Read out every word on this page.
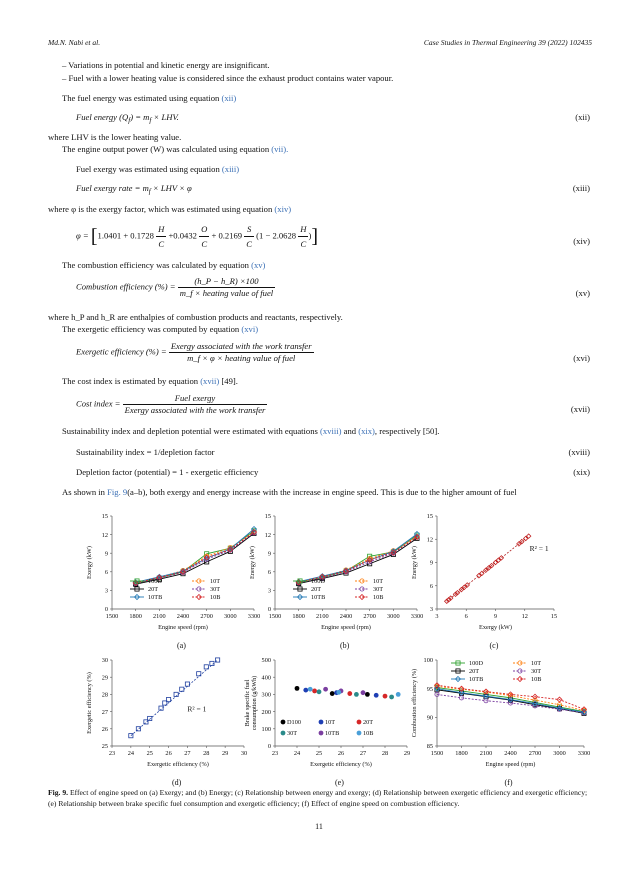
Md.N. Nabi et al.	Case Studies in Thermal Engineering 39 (2022) 102435
– Variations in potential and kinetic energy are insignificant.
– Fuel with a lower heating value is considered since the exhaust product contains water vapour.
The fuel energy was estimated using equation (xii)
Fuel energy $(Q_f) = m_f$ × LHV.	(xii)
where LHV is the lower heating value.
The engine output power (W) was calculated using equation (vii).
Fuel exergy was estimated using equation (xiii)
Fuel exergy rate = $m_f$ × LHV × φ	(xiii)
where φ is the exergy factor, which was estimated using equation (xiv)
$\varphi = [1.0401 + 0.1728 \frac{H}{C} +0.0432 \frac{O}{C} + 0.2169 \frac{S}{C} (1 - 2.0628 \frac{H}{C}$ )]	(xiv)
The combustion efficiency was calculated by equation (xv)
Combustion efficiency (%) = $\frac{(h\_P - h\_R) \times 100}{\text{m\_f × heating value of fuel}}$	(xv)
where h_P and h_R are enthalpies of combustion products and reactants, respectively.
The exergetic efficiency was computed by equation (xvi)
Exergetic efficiency (%) = $\frac{\text{Exergy associated with the work transfer}}{\text{m\_f × φ × heating value of fuel}}$	(xvi)
The cost index is estimated by equation (xvii) [49].
Cost index = $\frac{\text{Fuel exergy}}{\text{Exergy associated with the work transfer}}$	(xvii)
Sustainability index and depletion potential were estimated with equations (xviii) and (xix), respectively [50].
Sustainability index = 1/depletion factor	(xviii)
Depletion factor (potential) = 1 - exergetic efficiency	(xix)
As shown in Fig. 9(a–b), both exergy and energy increase with the increase in engine speed. This is due to the higher amount of fuel
1500 1800 2100 2400 2700 3000 3300
0
3
6
9
12
15
Engine speed (rpm)
Exergy (kW)
100D	10T
20T	30T
10TB	10B
(a)
1500 1800 2100 2400 2700 3000 3300
0
3
6
9
12
15
Engine speed (rpm)
Energy (kW)
100D	10T
20T	30T
10TB	10B
(b)
3	6	9	12	15
3
6
9
12
15
Exergy (kW)
Energy (kW)	R² = 1
(c)
23 24 25 26 27 28 29 30
25
26
27
28
29
30
Exergetic efficiency (%)
Exergetic efficiency (%)	R² = 1
(d)
23 24 25 26 27 28 29
0
100
200
300
400
500
Exergetic efficiency (%)
Brake specific fuelconsumption (g/kWh)	D100	10T	20T
30T	10TB	10B
(e)
1500 1800 2100 2400 2700 3000 3300
85
90
95
100
Engine speed (rpm)
Combustion efficiency (%)
100D	10T
20T	30T
10TB	10B
(f)
Fig. 9. Effect of engine speed on (a) Exergy; and (b) Energy; (c) Relationship between energy and exergy; (d) Relationship between exergetic efficiency and exergetic efficiency; (e) Relationship between brake specific fuel consumption and exergetic efficiency; (f) Effect of engine speed on combustion efficiency.
11
